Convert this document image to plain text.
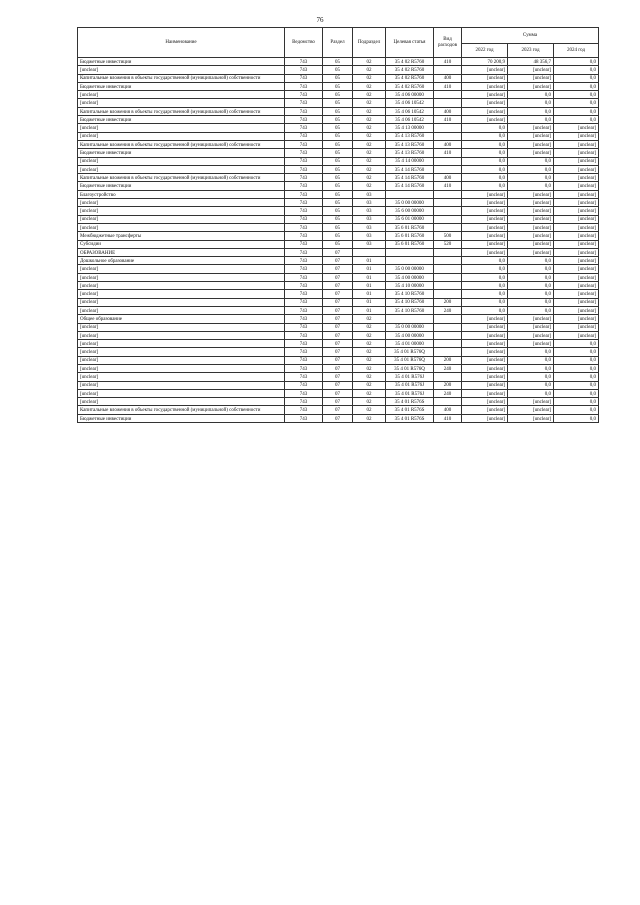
76
Наименование	Ведомство	Раздел	Подраздел	Целевая статья	Вид расходов	Сумма		
						2022 год	2023 год	2024 год
Бюджетные инвестиции	743	05	02	35 4 02 R5760	410	70 200,9	48 356,7	0,0
[unclear]	743	05	02	35 4 02 R5760		[unclear]	[unclear]	0,0
Капитальные вложения в объекты государственной (муниципальной) собственности	743	05	02	35 4 02 R5760	400	[unclear]	[unclear]	0,0
Бюджетные инвестиции	743	05	02	35 4 02 R5760	410	[unclear]	[unclear]	0,0
[unclear]	743	05	02	35 4 06 00000		[unclear]	0,0	0,0
[unclear]	743	05	02	35 4 06 10542		[unclear]	0,0	0,0
Капитальные вложения в объекты государственной (муниципальной) собственности	743	05	02	35 4 06 10542	400	[unclear]	0,0	0,0
Бюджетные инвестиции	743	05	02	35 4 06 10542	410	[unclear]	0,0	0,0
[unclear]	743	05	02	35 4 13 00000		0,0	[unclear]	[unclear]
[unclear]	743	05	02	35 4 13 R5760		0,0	[unclear]	[unclear]
Капитальные вложения в объекты государственной (муниципальной) собственности	743	05	02	35 4 13 R5760	400	0,0	[unclear]	[unclear]
Бюджетные инвестиции	743	05	02	35 4 13 R5760	410	0,0	[unclear]	[unclear]
[unclear]	743	05	02	35 4 14 00000		0,0	0,0	[unclear]
[unclear]	743	05	02	35 4 14 R5760		0,0	0,0	[unclear]
Капитальные вложения в объекты государственной (муниципальной) собственности	743	05	02	35 4 14 R5760	400	0,0	0,0	[unclear]
Бюджетные инвестиции	743	05	02	35 4 14 R5760	410	0,0	0,0	[unclear]
Благоустройство	743	05	03			[unclear]	[unclear]	[unclear]
[unclear]	743	05	03	35 0 00 00000		[unclear]	[unclear]	[unclear]
[unclear]	743	05	03	35 6 00 00000		[unclear]	[unclear]	[unclear]
[unclear]	743	05	03	35 6 01 00000		[unclear]	[unclear]	[unclear]
[unclear]	743	05	03	35 6 01 R5760		[unclear]	[unclear]	[unclear]
Межбюджетные трансферты	743	05	03	35 6 01 R5760	500	[unclear]	[unclear]	[unclear]
Субсидии	743	05	03	35 6 01 R5760	520	[unclear]	[unclear]	[unclear]
ОБРАЗОВАНИЕ	743	07				[unclear]	[unclear]	[unclear]
Дошкольное образование	743	07	01			0,0	0,0	[unclear]
[unclear]	743	07	01	35 0 00 00000		0,0	0,0	[unclear]
[unclear]	743	07	01	35 4 00 00000		0,0	0,0	[unclear]
[unclear]	743	07	01	35 4 10 00000		0,0	0,0	[unclear]
[unclear]	743	07	01	35 4 10 R5760		0,0	0,0	[unclear]
[unclear]	743	07	01	35 4 10 R5760	200	0,0	0,0	[unclear]
[unclear]	743	07	01	35 4 10 R5760	240	0,0	0,0	[unclear]
Общее образование	743	07	02			[unclear]	[unclear]	[unclear]
[unclear]	743	07	02	35 0 00 00000		[unclear]	[unclear]	[unclear]
[unclear]	743	07	02	35 4 00 00000		[unclear]	[unclear]	[unclear]
[unclear]	743	07	02	35 4 01 00000		[unclear]	[unclear]	0,0
[unclear]	743	07	02	35 4 01 R576Q		[unclear]	0,0	0,0
[unclear]	743	07	02	35 4 01 R576Q	200	[unclear]	0,0	0,0
[unclear]	743	07	02	35 4 01 R576Q	240	[unclear]	0,0	0,0
[unclear]	743	07	02	35 4 01 R576J		[unclear]	0,0	0,0
[unclear]	743	07	02	35 4 01 R576J	200	[unclear]	0,0	0,0
[unclear]	743	07	02	35 4 01 R576J	240	[unclear]	0,0	0,0
[unclear]	743	07	02	35 4 01 R576S		[unclear]	[unclear]	0,0
Капитальные вложения в объекты государственной (муниципальной) собственности	743	07	02	35 4 01 R576S	400	[unclear]	[unclear]	0,0
Бюджетные инвестиции	743	07	02	35 4 01 R576S	410	[unclear]	[unclear]	0,0
